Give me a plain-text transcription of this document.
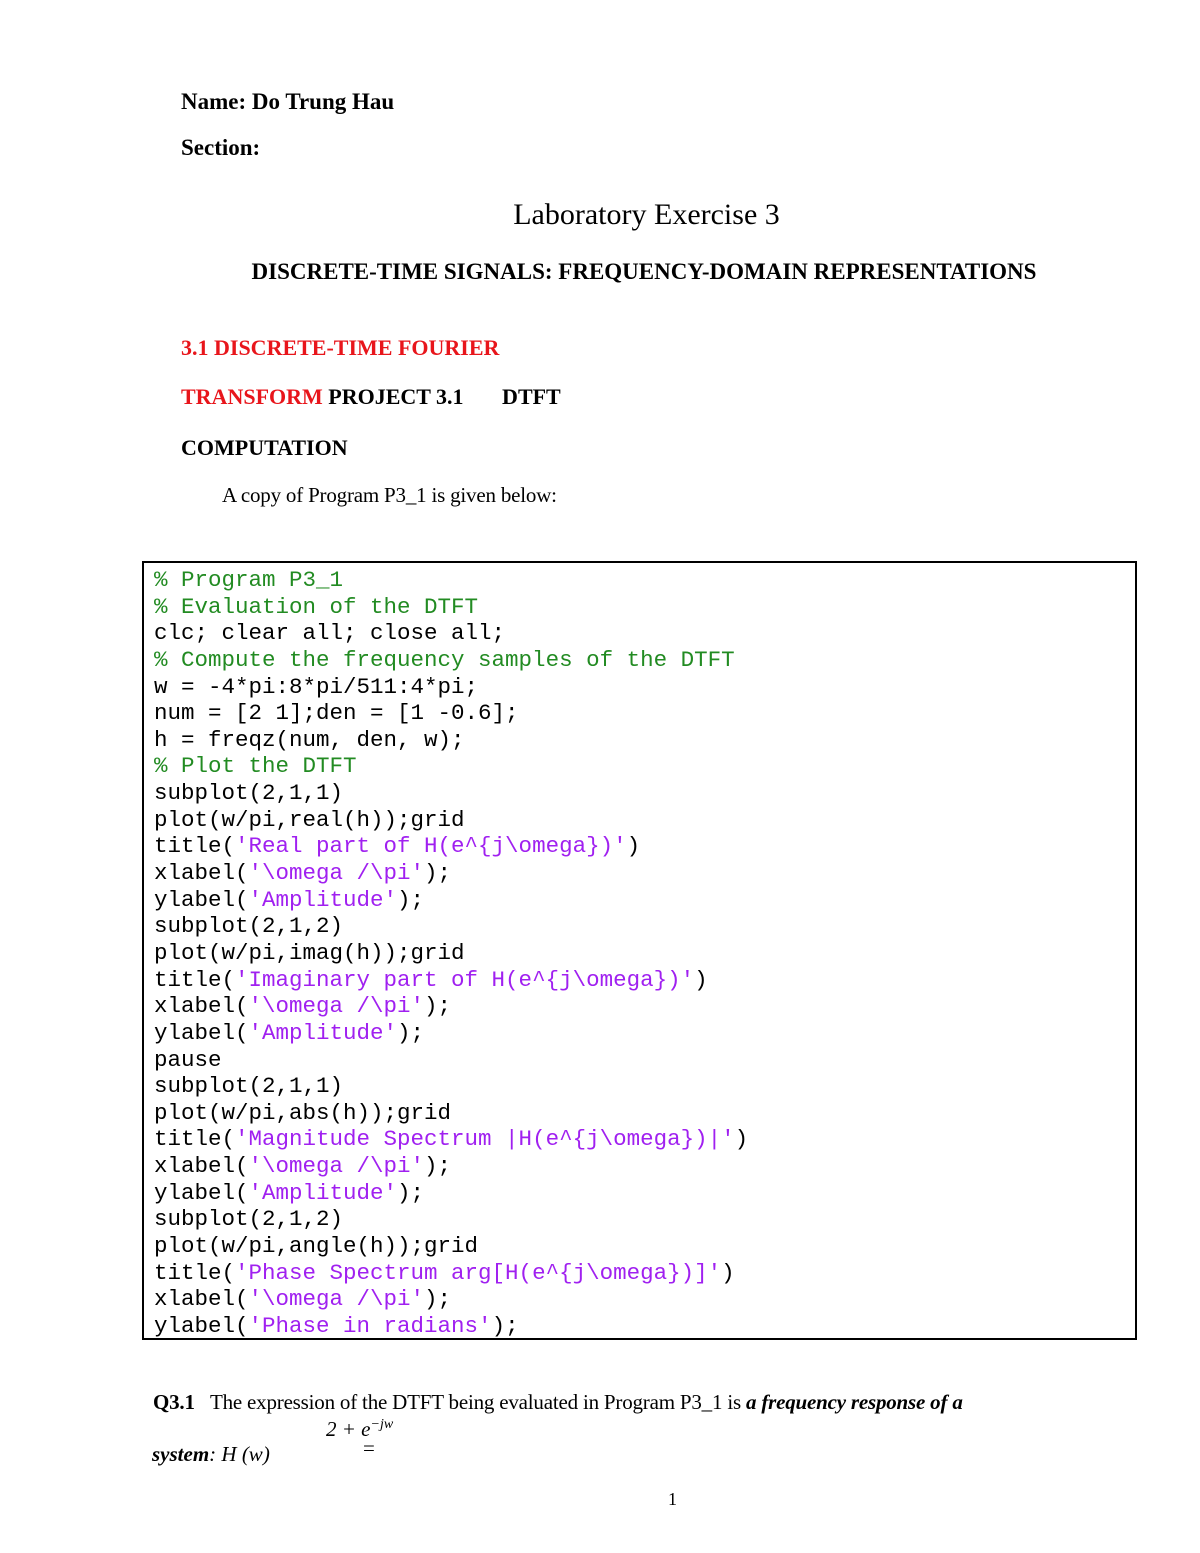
Name: Do Trung Hau
Section:
Laboratory Exercise 3
DISCRETE-TIME SIGNALS: FREQUENCY-DOMAIN REPRESENTATIONS
3.1 DISCRETE-TIME FOURIER
TRANSFORM PROJECT 3.1       DTFT
COMPUTATION
A copy of Program P3_1 is given below:
% Program P3_1
% Evaluation of the DTFT
clc; clear all; close all;
% Compute the frequency samples of the DTFT
w = -4*pi:8*pi/511:4*pi;
num = [2 1];den = [1 -0.6];
h = freqz(num, den, w);
% Plot the DTFT
subplot(2,1,1)
plot(w/pi,real(h));grid
title('Real part of H(e^{j\omega})')
xlabel('\omega /\pi');
ylabel('Amplitude');
subplot(2,1,2)
plot(w/pi,imag(h));grid
title('Imaginary part of H(e^{j\omega})')
xlabel('\omega /\pi');
ylabel('Amplitude');
pause
subplot(2,1,1)
plot(w/pi,abs(h));grid
title('Magnitude Spectrum |H(e^{j\omega})|')
xlabel('\omega /\pi');
ylabel('Amplitude');
subplot(2,1,2)
plot(w/pi,angle(h));grid
title('Phase Spectrum arg[H(e^{j\omega})]')
xlabel('\omega /\pi');
ylabel('Phase in radians');
Q3.1 The expression of the DTFT being evaluated in Program P3_1 is a frequency response of a
$2 + e^{-jw}$
=
system: H (w)
1
